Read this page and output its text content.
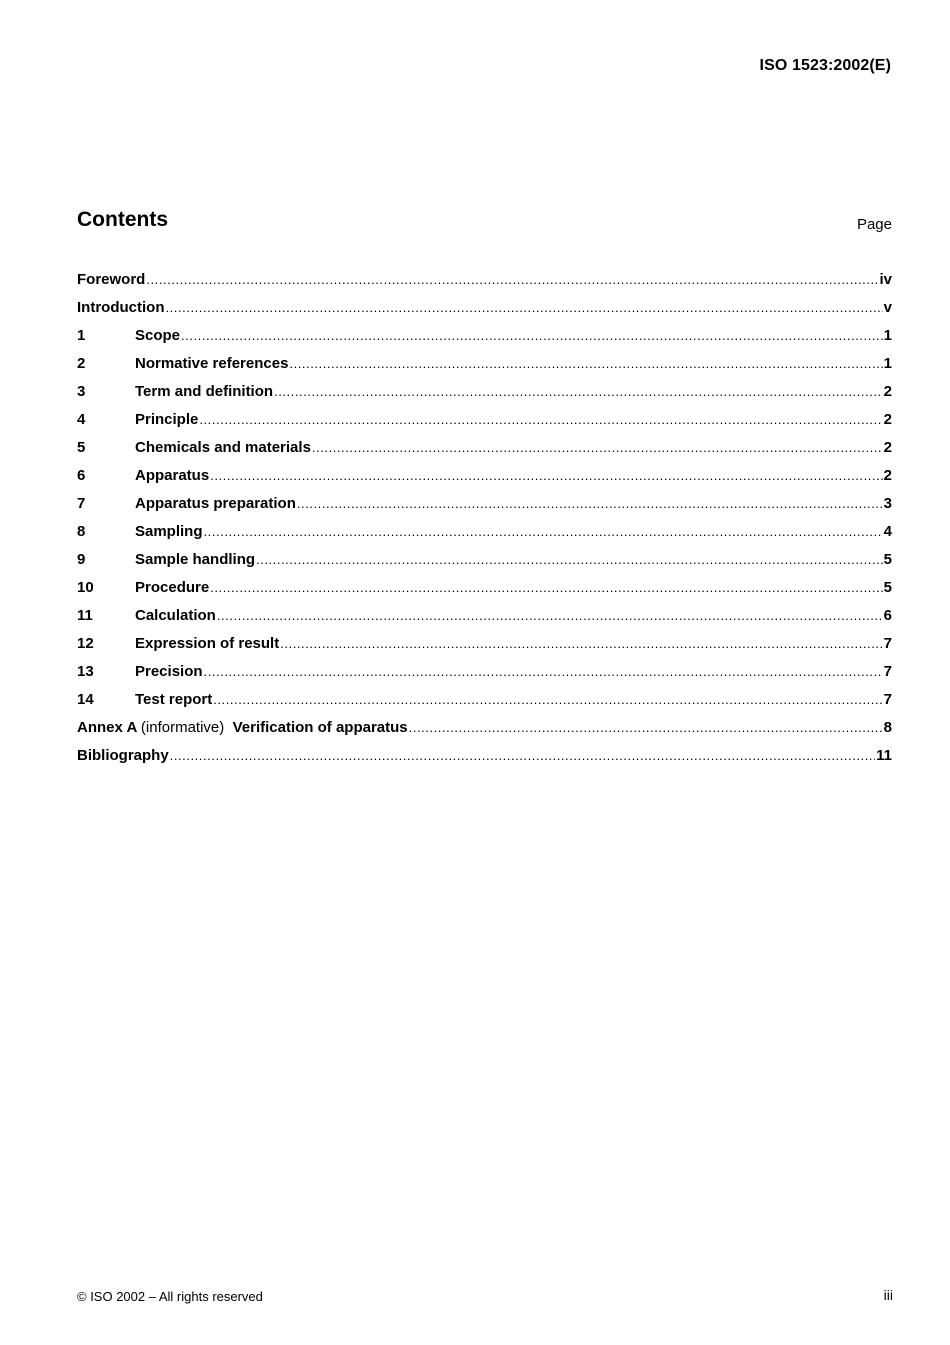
ISO 1523:2002(E)
Contents	Page
Foreword .....	iv
Introduction .....	v
1	Scope .....	1
2	Normative references .....	1
3	Term and definition .....	2
4	Principle .....	2
5	Chemicals and materials .....	2
6	Apparatus .....	2
7	Apparatus preparation .....	3
8	Sampling .....	4
9	Sample handling .....	5
10	Procedure .....	5
11	Calculation .....	6
12	Expression of result .....	7
13	Precision .....	7
14	Test report .....	7
Annex A (informative) Verification of apparatus .....	8
Bibliography .....	11
© ISO 2002 – All rights reserved	iii
